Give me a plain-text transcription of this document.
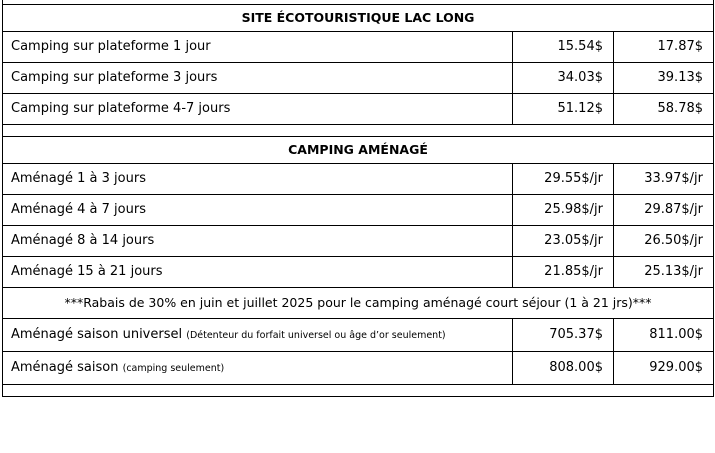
SITE ÉCOTOURISTIQUE LAC LONG		
Camping sur plateforme 1 jour	15.54$	17.87$
Camping sur plateforme 3 jours	34.03$	39.13$
Camping sur plateforme 4-7 jours	51.12$	58.78$

CAMPING AMÉNAGÉ		
Aménagé 1 à 3 jours	29.55$/jr	33.97$/jr
Aménagé 4 à 7 jours	25.98$/jr	29.87$/jr
Aménagé 8 à 14 jours	23.05$/jr	26.50$/jr
Aménagé 15 à 21 jours	21.85$/jr	25.13$/jr
***Rabais de 30% en juin et juillet 2025 pour le camping aménagé court séjour (1 à 21 jrs)***		
Aménagé saison universel (Détenteur du forfait universel ou âge d’or seulement)	705.37$	811.00$
Aménagé saison (camping seulement)	808.00$	929.00$
